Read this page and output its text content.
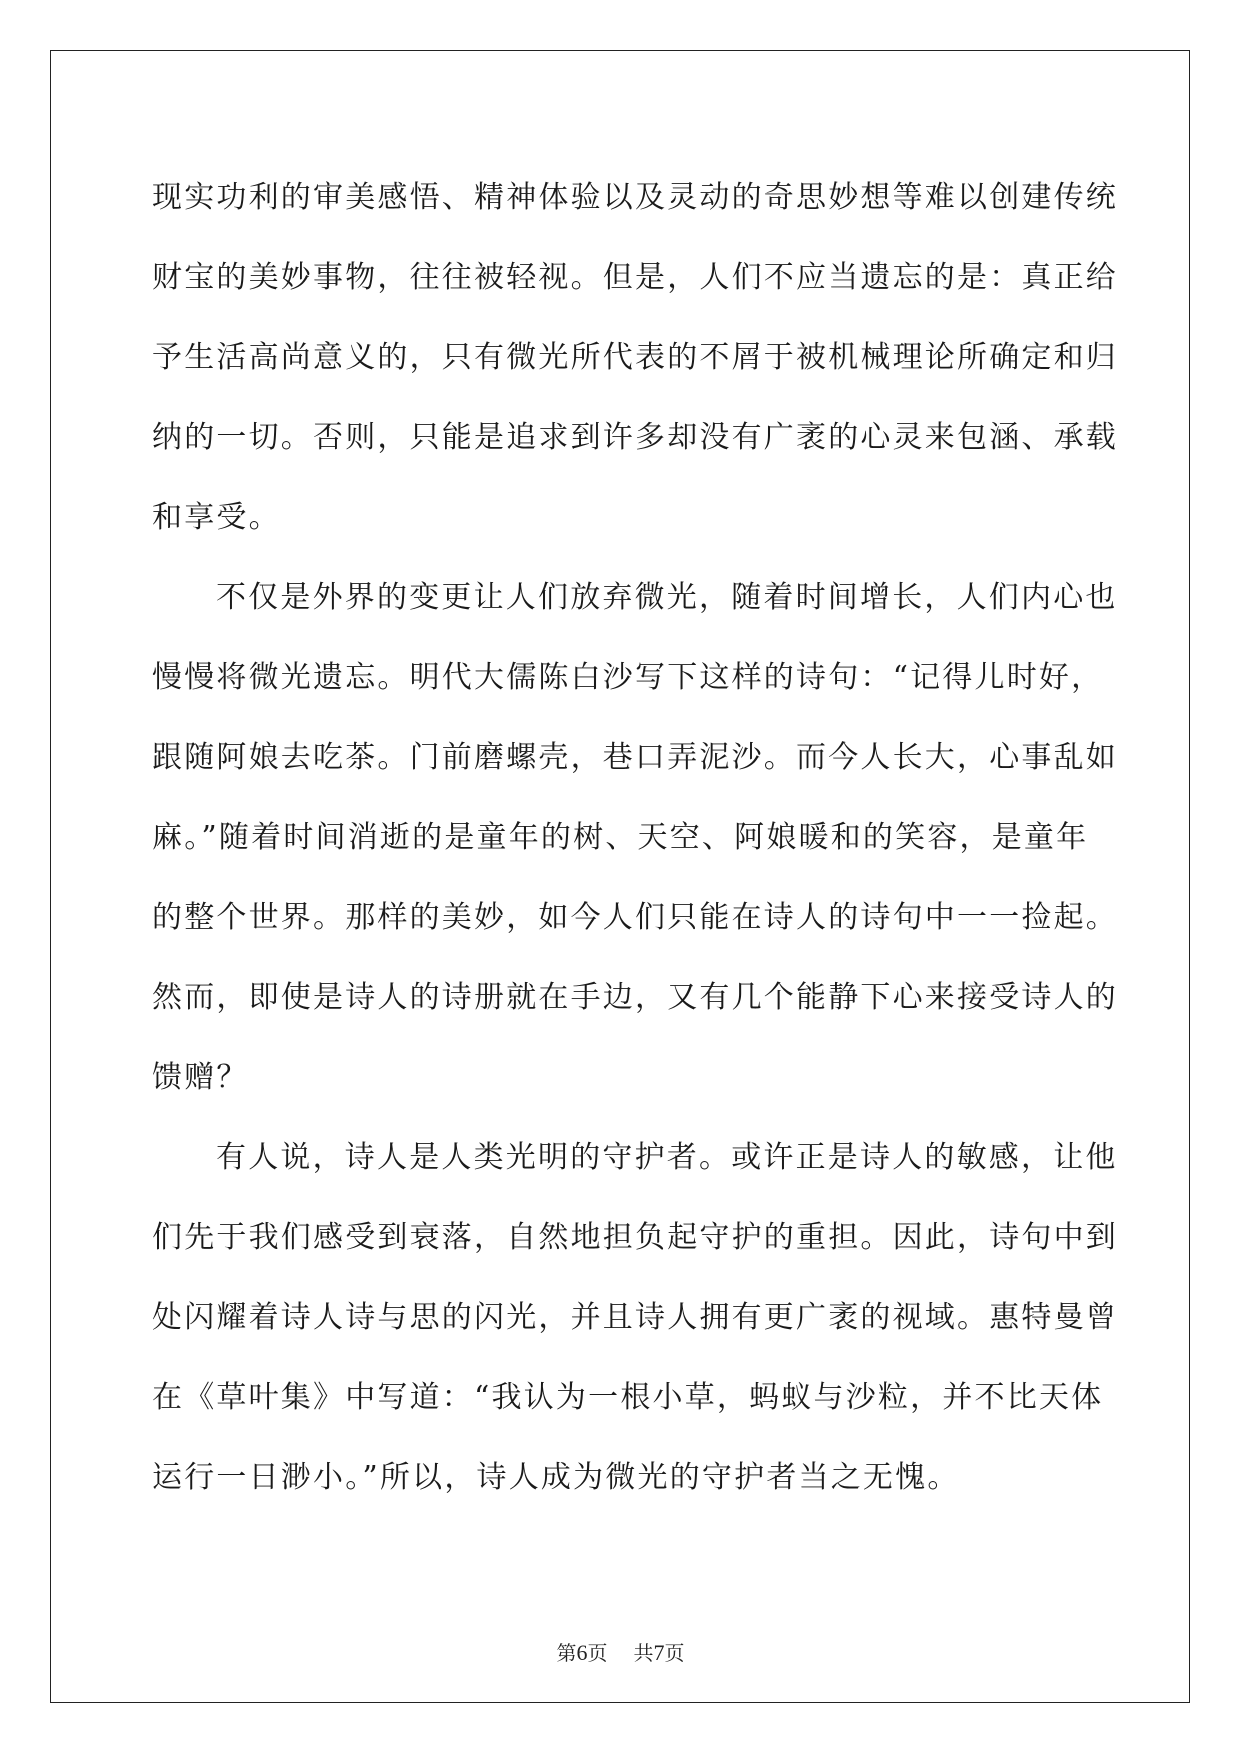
现实功利的审美感悟、精神体验以及灵动的奇思妙想等难以创建传统
财宝的美妙事物，往往被轻视。但是，人们不应当遗忘的是：真正给
予生活高尚意义的，只有微光所代表的不屑于被机械理论所确定和归
纳的一切。否则，只能是追求到许多却没有广袤的心灵来包涵、承载
和享受。
不仅是外界的变更让人们放弃微光，随着时间增长，人们内心也
慢慢将微光遗忘。明代大儒陈白沙写下这样的诗句：“记得儿时好，
跟随阿娘去吃茶。门前磨螺壳，巷口弄泥沙。而今人长大，心事乱如
麻。”随着时间消逝的是童年的树、天空、阿娘暖和的笑容，是童年
的整个世界。那样的美妙，如今人们只能在诗人的诗句中一一捡起。
然而，即使是诗人的诗册就在手边，又有几个能静下心来接受诗人的
馈赠？
有人说，诗人是人类光明的守护者。或许正是诗人的敏感，让他
们先于我们感受到衰落，自然地担负起守护的重担。因此，诗句中到
处闪耀着诗人诗与思的闪光，并且诗人拥有更广袤的视域。惠特曼曾
在《草叶集》中写道：“我认为一根小草，蚂蚁与沙粒，并不比天体
运行一日渺小。”所以，诗人成为微光的守护者当之无愧。
第6页 共7页
